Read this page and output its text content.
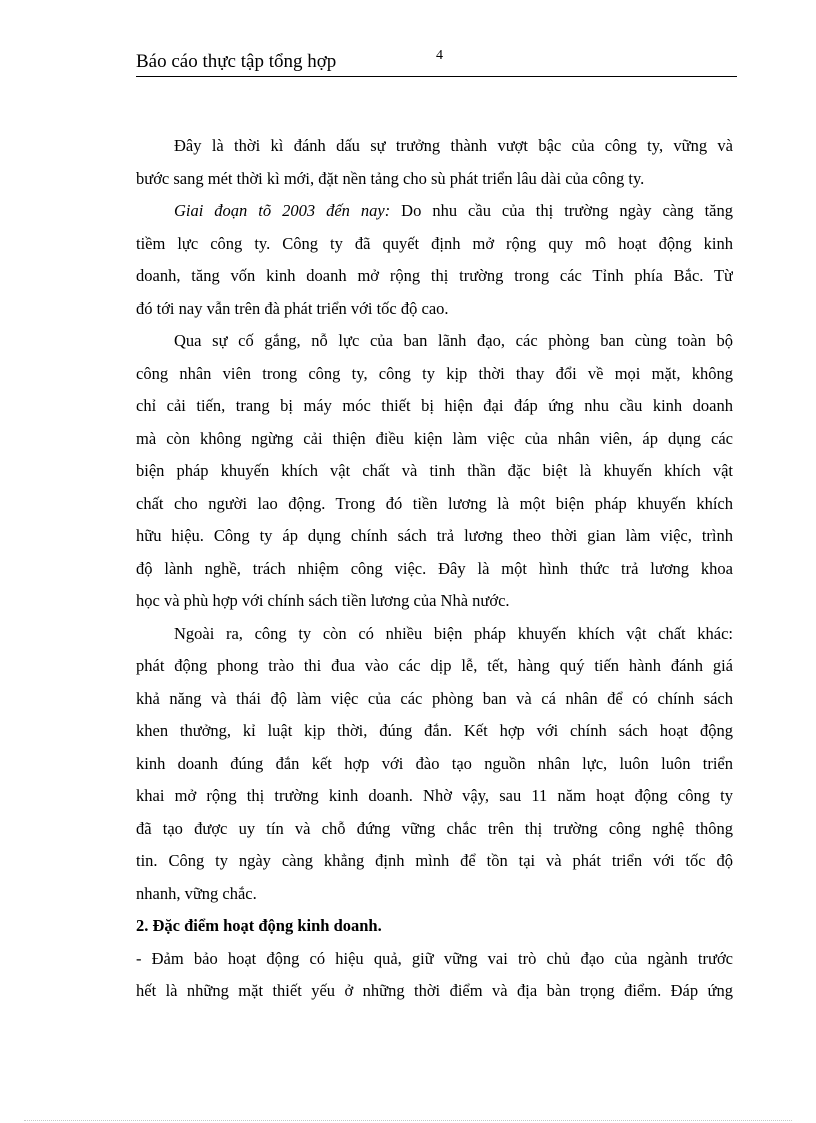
Báo cáo thực tập tổng hợp	4
Đây là thời kì đánh dấu sự trưởng thành vượt bậc của công ty, vững và
bước sang mét thời kì mới, đặt nền tảng cho sù phát triển lâu dài của công ty.
Giai đoạn tõ 2003 đến nay: Do nhu cầu của thị trường ngày càng tăng
tiềm lực công ty. Công ty đã quyết định mở rộng quy mô hoạt động kinh
doanh, tăng vốn kinh doanh mở rộng thị trường trong các Tỉnh phía Bắc. Từ
đó tới nay vẫn trên đà phát triển với tốc độ cao.
Qua sự cố gắng, nỗ lực của ban lãnh đạo, các phòng ban cùng toàn bộ
công nhân viên trong công ty, công ty kịp thời thay đổi về mọi mặt, không
chỉ cải tiến, trang bị máy móc thiết bị hiện đại đáp ứng nhu cầu kinh doanh
mà còn không ngừng cải thiện điều kiện làm việc của nhân viên, áp dụng các
biện pháp khuyến khích vật chất và tinh thần đặc biệt là khuyến khích vật
chất cho người lao động. Trong đó tiền lương là một biện pháp khuyến khích
hữu hiệu. Công ty áp dụng chính sách trả lương theo thời gian làm việc, trình
độ lành nghề, trách nhiệm công việc. Đây là một hình thức trả lương khoa
học và phù hợp với chính sách tiền lương của Nhà nước.
Ngoài ra, công ty còn có nhiều biện pháp khuyến khích vật chất khác:
phát động phong trào thi đua vào các dịp lễ, tết, hàng quý tiến hành đánh giá
khả năng và thái độ làm việc của các phòng ban và cá nhân để có chính sách
khen thưởng, kỉ luật kịp thời, đúng đắn. Kết hợp với chính sách hoạt động
kinh doanh đúng đắn kết hợp với đào tạo nguồn nhân lực, luôn luôn triển
khai mở rộng thị trường kinh doanh. Nhờ vậy, sau 11 năm hoạt động công ty
đã tạo được uy tín và chỗ đứng vững chắc trên thị trường công nghệ thông
tin. Công ty ngày càng khẳng định mình để tồn tại và phát triển với tốc độ
nhanh, vững chắc.
2. Đặc điểm hoạt động kinh doanh.
- Đảm bảo hoạt động có hiệu quả, giữ vững vai trò chủ đạo của ngành trước
hết là những mặt thiết yếu ở những thời điểm và địa bàn trọng điểm. Đáp ứng
